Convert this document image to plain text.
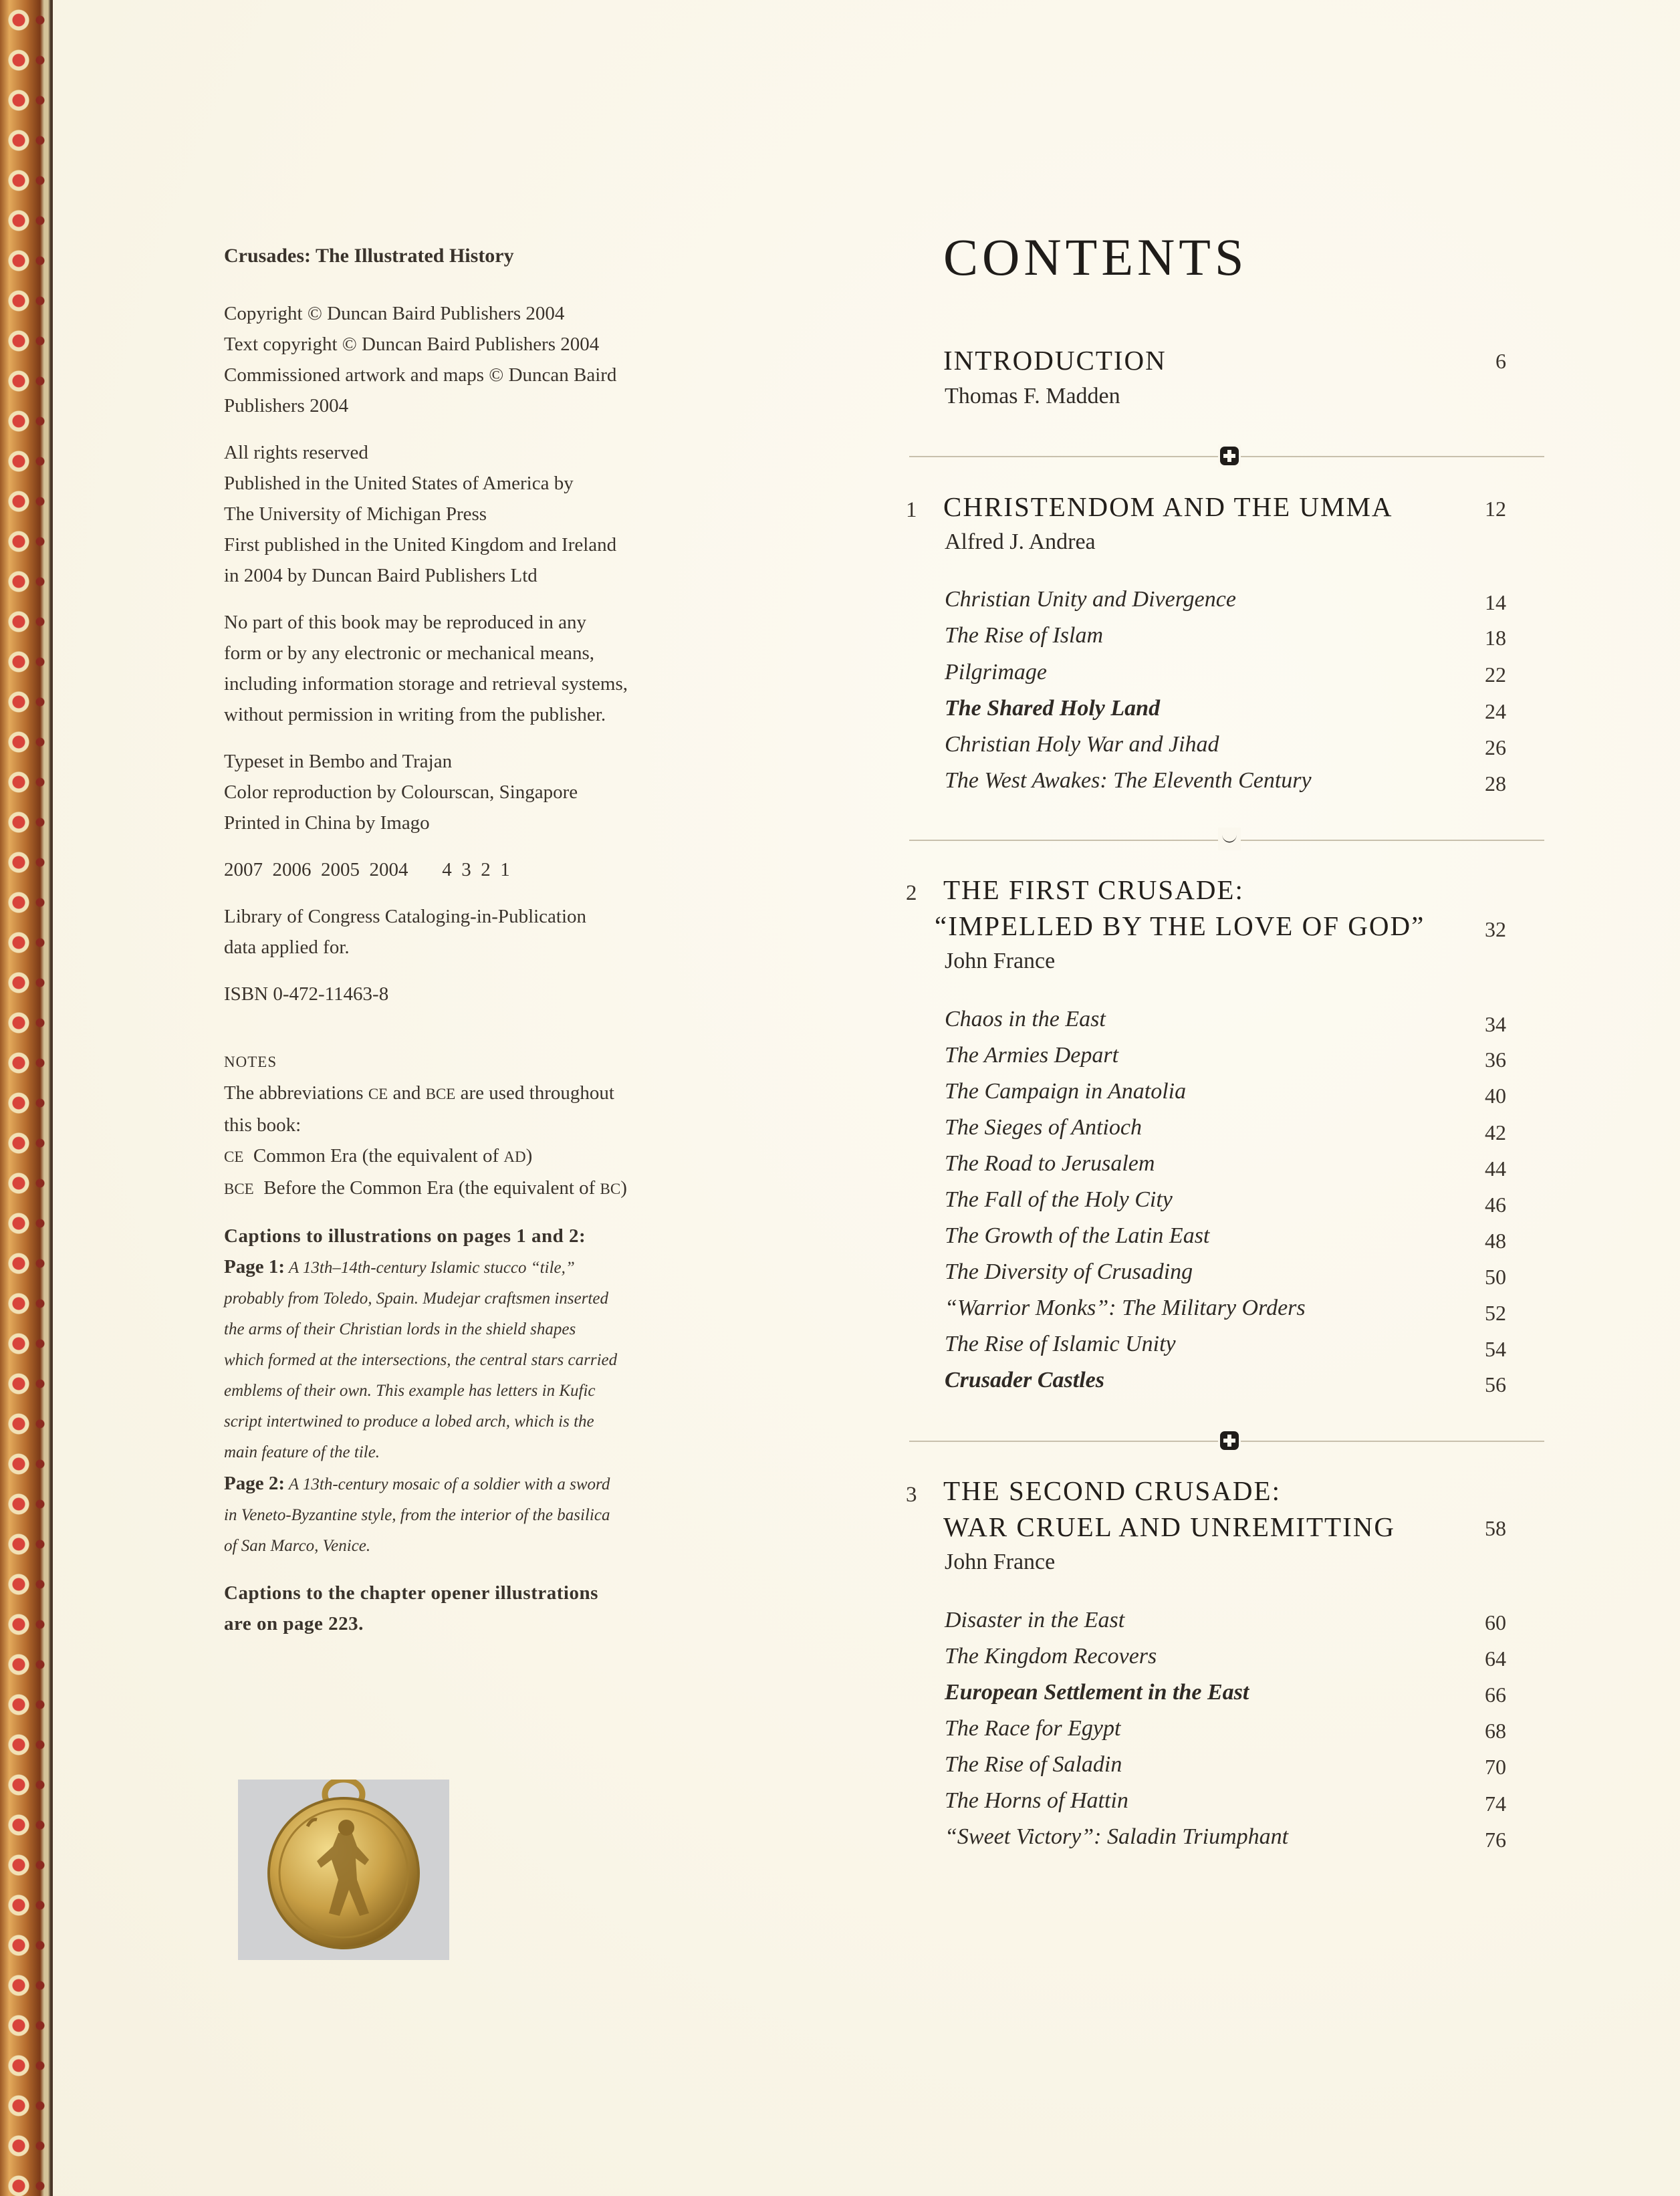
Crusades: The Illustrated History

Copyright © Duncan Baird Publishers 2004
Text copyright © Duncan Baird Publishers 2004
Commissioned artwork and maps © Duncan Baird
Publishers 2004

All rights reserved
Published in the United States of America by
The University of Michigan Press
First published in the United Kingdom and Ireland
in 2004 by Duncan Baird Publishers Ltd

No part of this book may be reproduced in any
form or by any electronic or mechanical means,
including information storage and retrieval systems,
without permission in writing from the publisher.

Typeset in Bembo and Trajan
Color reproduction by Colourscan, Singapore
Printed in China by Imago

2007  2006  2005  2004       4  3  2  1

Library of Congress Cataloging-in-Publication
data applied for.

ISBN 0-472-11463-8

NOTES
The abbreviations CE and BCE are used throughout
this book:
CE Common Era (the equivalent of AD)
BCE Before the Common Era (the equivalent of BC)

Captions to illustrations on pages 1 and 2:
Page 1: A 13th–14th-century Islamic stucco “tile,”
probably from Toledo, Spain. Mudejar craftsmen inserted
the arms of their Christian lords in the shield shapes
which formed at the intersections, the central stars carried
emblems of their own. This example has letters in Kufic
script intertwined to produce a lobed arch, which is the
main feature of the tile.
Page 2: A 13th-century mosaic of a soldier with a sword
in Veneto-Byzantine style, from the interior of the basilica
of San Marco, Venice.

Captions to the chapter opener illustrations
are on page 223.

CONTENTS
INTRODUCTION	6
Thomas F. Madden
1 CHRISTENDOM AND THE UMMA	12
Alfred J. Andrea
Christian Unity and Divergence	14
The Rise of Islam	18
Pilgrimage	22
The Shared Holy Land	24
Christian Holy War and Jihad	26
The West Awakes: The Eleventh Century	28
2 THE FIRST CRUSADE:
“IMPELLED BY THE LOVE OF GOD”	32
John France
Chaos in the East	34
The Armies Depart	36
The Campaign in Anatolia	40
The Sieges of Antioch	42
The Road to Jerusalem	44
The Fall of the Holy City	46
The Growth of the Latin East	48
The Diversity of Crusading	50
“Warrior Monks”: The Military Orders	52
The Rise of Islamic Unity	54
Crusader Castles	56
3 THE SECOND CRUSADE:
WAR CRUEL AND UNREMITTING	58
John France
Disaster in the East	60
The Kingdom Recovers	64
European Settlement in the East	66
The Race for Egypt	68
The Rise of Saladin	70
The Horns of Hattin	74
“Sweet Victory”: Saladin Triumphant	76
